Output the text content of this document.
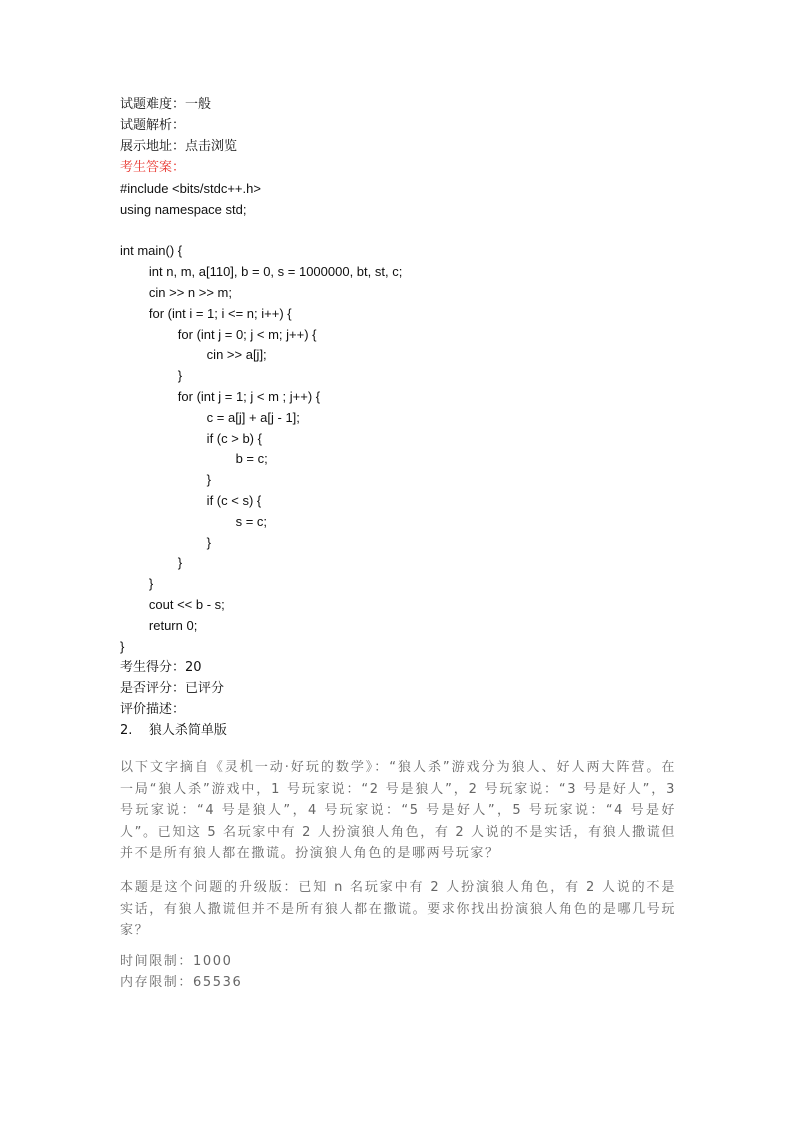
试题难度：一般
试题解析：
展示地址：点击浏览
考生答案：
#include <bits/stdc++.h>
using namespace std;
int main() {
int n, m, a[110], b = 0, s = 1000000, bt, st, c;
cin >> n >> m;
for (int i = 1; i <= n; i++) {
for (int j = 0; j < m; j++) {
cin >> a[j];
}
for (int j = 1; j < m ; j++) {
c = a[j] + a[j - 1];
if (c > b) {
b = c;
}
if (c < s) {
s = c;
}
}
}
cout << b - s;
return 0;
}
考生得分：20
是否评分：已评分
评价描述：
2.    狼人杀简单版
以下文字摘自《灵机一动·好玩的数学》：“狼人杀”游戏分为狼人、好人两大阵营。在一局“狼人杀”游戏中，1 号玩家说：“2 号是狼人”，2 号玩家说：“3 号是好人”，3 号玩家说：“4 号是狼人”，4 号玩家说：“5 号是好人”，5 号玩家说：“4 号是好人”。已知这 5 名玩家中有 2 人扮演狼人角色，有 2 人说的不是实话，有狼人撒谎但并不是所有狼人都在撒谎。扮演狼人角色的是哪两号玩家？
本题是这个问题的升级版：已知 n 名玩家中有 2 人扮演狼人角色，有 2 人说的不是实话，有狼人撒谎但并不是所有狼人都在撒谎。要求你找出扮演狼人角色的是哪几号玩家？
时间限制：1000
内存限制：65536
